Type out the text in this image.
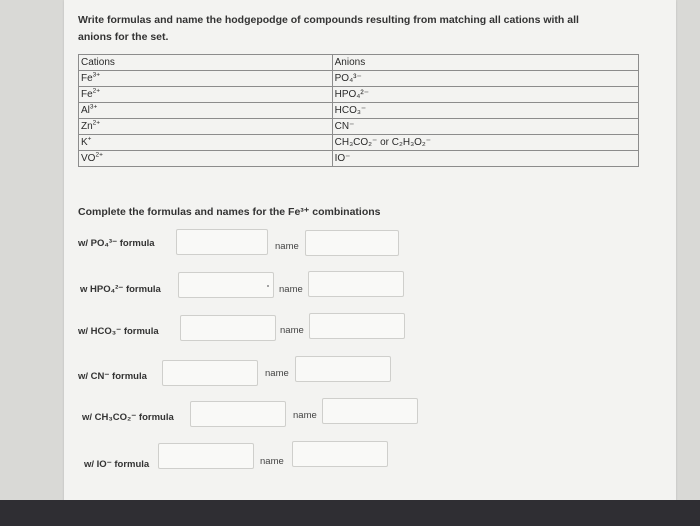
Write formulas and name the hodgepodge of compounds resulting from matching all cations with all anions for the set.
Cations	Anions
$Fe^{3+}$	PO₄³⁻
$Fe^{2+}$	HPO₄²⁻
$Al^{3+}$	HCO₃⁻
$Zn^{2+}$	CN⁻
K+	CH₃CO₂⁻ or C₂H₃O₂⁻
$VO^{2+}$	IO⁻
Complete the formulas and names for the Fe³⁺ combinations
w/ PO₄³⁻ formula	name
w HPO₄²⁻ formula	name
w/ HCO₃⁻ formula	name
w/ CN⁻ formula	name
w/ CH₃CO₂⁻ formula	name
w/ IO⁻ formula	name
